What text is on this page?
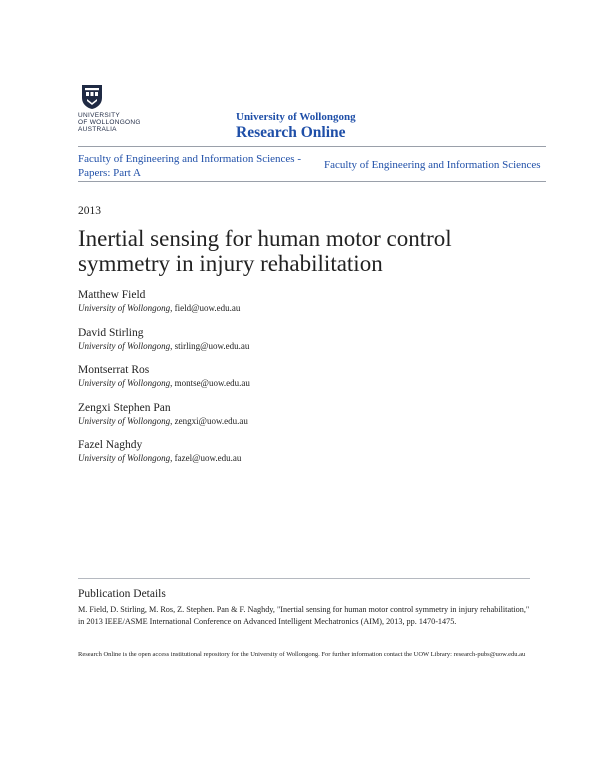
UNIVERSITY
OF WOLLONGONG
AUSTRALIA
University of Wollongong
Research Online
Faculty of Engineering and Information Sciences - Papers: Part A
Faculty of Engineering and Information Sciences
2013
Inertial sensing for human motor control symmetry in injury rehabilitation
Matthew Field
University of Wollongong, field@uow.edu.au
David Stirling
University of Wollongong, stirling@uow.edu.au
Montserrat Ros
University of Wollongong, montse@uow.edu.au
Zengxi Stephen Pan
University of Wollongong, zengxi@uow.edu.au
Fazel Naghdy
University of Wollongong, fazel@uow.edu.au
Publication Details
M. Field, D. Stirling, M. Ros, Z. Stephen. Pan & F. Naghdy, "Inertial sensing for human motor control symmetry in injury rehabilitation," in 2013 IEEE/ASME International Conference on Advanced Intelligent Mechatronics (AIM), 2013, pp. 1470-1475.
Research Online is the open access institutional repository for the University of Wollongong. For further information contact the UOW Library: research-pubs@uow.edu.au
